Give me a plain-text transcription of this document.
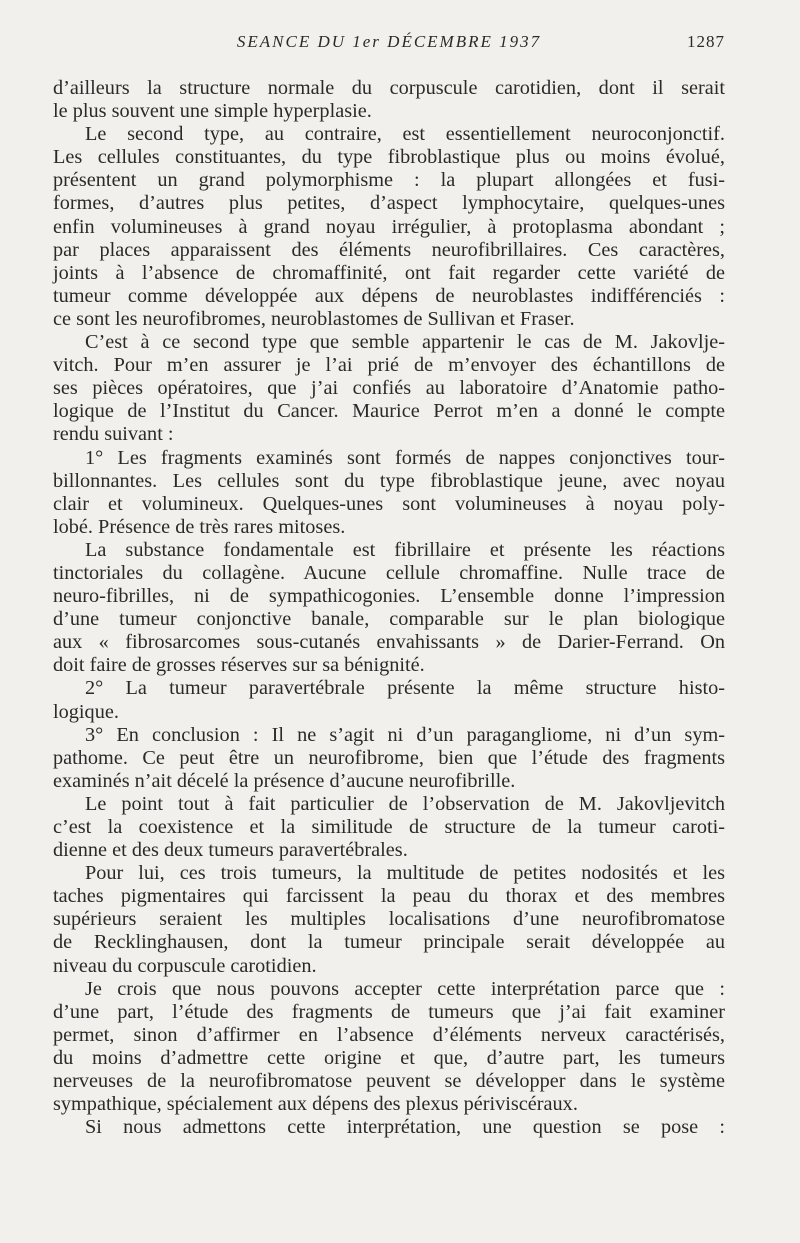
SEANCE DU 1er DÉCEMBRE 1937	1287

d’ailleurs la structure normale du corpuscule carotidien, dont il serait
le plus souvent une simple hyperplasie.

Le second type, au contraire, est essentiellement neuroconjonctif.
Les cellules constituantes, du type fibroblastique plus ou moins évolué,
présentent un grand polymorphisme : la plupart allongées et fusi-
formes, d’autres plus petites, d’aspect lymphocytaire, quelques-unes
enfin volumineuses à grand noyau irrégulier, à protoplasma abondant ;
par places apparaissent des éléments neurofibrillaires. Ces caractères,
joints à l’absence de chromaffinité, ont fait regarder cette variété de
tumeur comme développée aux dépens de neuroblastes indifférenciés :
ce sont les neurofibromes, neuroblastomes de Sullivan et Fraser.

C’est à ce second type que semble appartenir le cas de M. Jakovlje-
vitch. Pour m’en assurer je l’ai prié de m’envoyer des échantillons de
ses pièces opératoires, que j’ai confiés au laboratoire d’Anatomie patho-
logique de l’Institut du Cancer. Maurice Perrot m’en a donné le compte
rendu suivant :

1° Les fragments examinés sont formés de nappes conjonctives tour-
billonnantes. Les cellules sont du type fibroblastique jeune, avec noyau
clair et volumineux. Quelques-unes sont volumineuses à noyau poly-
lobé. Présence de très rares mitoses.

La substance fondamentale est fibrillaire et présente les réactions
tinctoriales du collagène. Aucune cellule chromaffine. Nulle trace de
neuro-fibrilles, ni de sympathicogonies. L’ensemble donne l’impression
d’une tumeur conjonctive banale, comparable sur le plan biologique
aux « fibrosarcomes sous-cutanés envahissants » de Darier-Ferrand. On
doit faire de grosses réserves sur sa bénignité.

2° La tumeur paravertébrale présente la même structure histo-
logique.

3° En conclusion : Il ne s’agit ni d’un paragangliome, ni d’un sym-
pathome. Ce peut être un neurofibrome, bien que l’étude des fragments
examinés n’ait décelé la présence d’aucune neurofibrille.

Le point tout à fait particulier de l’observation de M. Jakovljevitch
c’est la coexistence et la similitude de structure de la tumeur caroti-
dienne et des deux tumeurs paravertébrales.

Pour lui, ces trois tumeurs, la multitude de petites nodosités et les
taches pigmentaires qui farcissent la peau du thorax et des membres
supérieurs seraient les multiples localisations d’une neurofibromatose
de Recklinghausen, dont la tumeur principale serait développée au
niveau du corpuscule carotidien.

Je crois que nous pouvons accepter cette interprétation parce que :
d’une part, l’étude des fragments de tumeurs que j’ai fait examiner
permet, sinon d’affirmer en l’absence d’éléments nerveux caractérisés,
du moins d’admettre cette origine et que, d’autre part, les tumeurs
nerveuses de la neurofibromatose peuvent se développer dans le système
sympathique, spécialement aux dépens des plexus périviscéraux.

Si nous admettons cette interprétation, une question se pose :
